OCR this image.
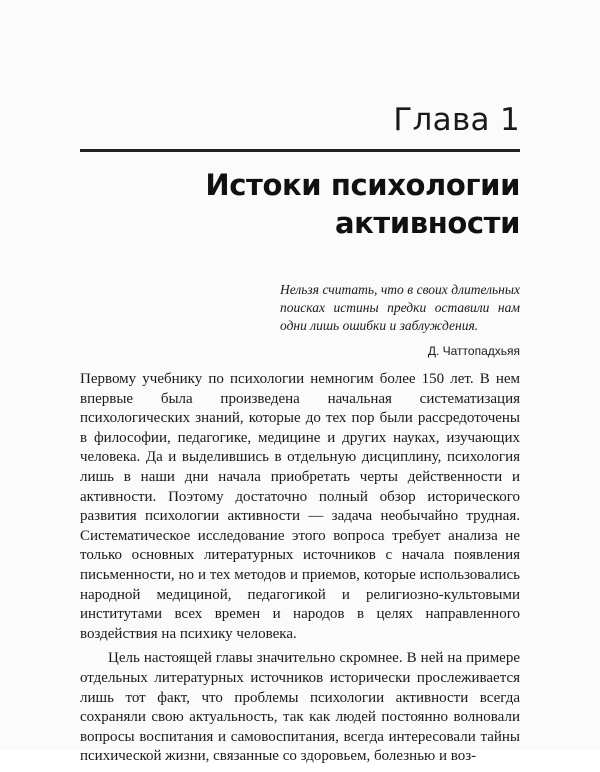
Глава 1
Истоки психологии
активности

Нельзя считать, что в своих длительных поисках истины предки оставили нам одни лишь ошибки и заблуждения.

Д. Чаттопадхьяя

Первому учебнику по психологии немногим более 150 лет. В нем впервые была произведена начальная систематизация психологических знаний, которые до тех пор были рассредоточены в философии, педагогике, медицине и других науках, изучающих человека. Да и выделившись в отдельную дисциплину, психология лишь в наши дни начала приобретать черты действенности и активности. Поэтому достаточно полный обзор исторического развития психологии активности — задача необычайно трудная. Систематическое исследование этого вопроса требует анализа не только основных литературных источников с начала появления письменности, но и тех методов и приемов, которые использовались народной медициной, педагогикой и религиозно-культовыми институтами всех времен и народов в целях направленного воздействия на психику человека.

Цель настоящей главы значительно скромнее. В ней на примере отдельных литературных источников исторически прослеживается лишь тот факт, что проблемы психологии активности всегда сохраняли свою актуальность, так как людей постоянно волновали вопросы воспитания и самовоспитания, всегда интересовали тайны психической жизни, связанные со здоровьем, болезнью и воз-
